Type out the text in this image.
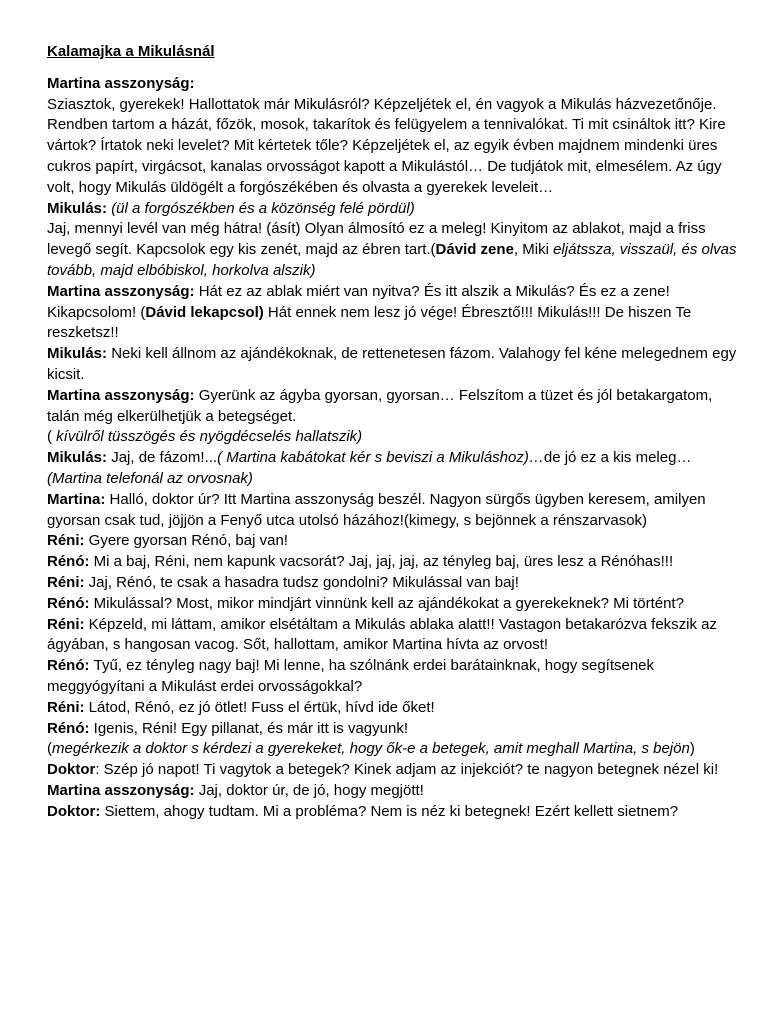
Kalamajka a Mikulásnál

Martina asszonyság:

Sziasztok, gyerekek! Hallottatok már Mikulásról? Képzeljétek el, én vagyok a Mikulás házvezetőnője. Rendben tartom a házát, főzök, mosok, takarítok és felügyelem a tennivalókat. Ti mit csináltok itt? Kire vártok? Írtatok neki levelet? Mit kértetek tőle? Képzeljétek el, az egyik évben majdnem mindenki üres cukros papírt, virgácsot, kanalas orvosságot kapott a Mikulástól… De tudjátok mit, elmesélem. Az úgy volt, hogy Mikulás üldögélt a forgószékében és olvasta a gyerekek leveleit…

Mikulás: (ül a forgószékben és a közönség felé pördül)

Jaj, mennyi levél van még hátra! (ásít) Olyan álmosító ez a meleg! Kinyitom az ablakot, majd a friss levegő segít. Kapcsolok egy kis zenét, majd az ébren tart.(Dávid zene, Miki eljátssza, visszaül, és olvas tovább, majd elbóbiskol, horkolva alszik)

Martina asszonyság: Hát ez az ablak miért van nyitva? És itt alszik a Mikulás? És ez a zene! Kikapcsolom! (Dávid lekapcsol) Hát ennek nem lesz jó vége! Ébresztő!!! Mikulás!!! De hiszen Te reszketsz!!

Mikulás: Neki kell állnom az ajándékoknak, de rettenetesen fázom. Valahogy fel kéne melegednem egy kicsit.

Martina asszonyság: Gyerünk az ágyba gyorsan, gyorsan… Felszítom a tüzet és jól betakargatom, talán még elkerülhetjük a betegséget.

( kívülről tüsszögés és nyögdécselés hallatszik)

Mikulás: Jaj, de fázom!...( Martina kabátokat kér s beviszi a Mikuláshoz)…de jó ez a kis meleg…

(Martina telefonál az orvosnak)

Martina: Halló, doktor úr? Itt Martina asszonyság beszél. Nagyon sürgős ügyben keresem, amilyen gyorsan csak tud, jöjjön a Fenyő utca utolsó házához!(kimegy, s bejönnek a rénszarvasok)

Réni: Gyere gyorsan Rénó, baj van!

Rénó: Mi a baj, Réni, nem kapunk vacsorát? Jaj, jaj, jaj, az tényleg baj, üres lesz a Rénóhas!!!

Réni: Jaj, Rénó, te csak a hasadra tudsz gondolni? Mikulással van baj!

Rénó: Mikulással? Most, mikor mindjárt vinnünk kell az ajándékokat a gyerekeknek? Mi történt?

Réni: Képzeld, mi láttam, amikor elsétáltam a Mikulás ablaka alatt!! Vastagon betakarózva fekszik az ágyában, s hangosan vacog. Sőt, hallottam, amikor Martina hívta az orvost!

Rénó: Tyű, ez tényleg nagy baj! Mi lenne, ha szólnánk erdei barátainknak, hogy segítsenek meggyógyítani a Mikulást erdei orvosságokkal?

Réni: Látod, Rénó, ez jó ötlet! Fuss el értük, hívd ide őket!

Rénó: Igenis, Réni! Egy pillanat, és már itt is vagyunk!

(megérkezik a doktor s kérdezi a gyerekeket, hogy ők-e a betegek, amit meghall Martina, s bejön)

Doktor: Szép jó napot! Ti vagytok a betegek? Kinek adjam az injekciót? te nagyon betegnek nézel ki!

Martina asszonyság: Jaj, doktor úr, de jó, hogy megjött!

Doktor: Siettem, ahogy tudtam. Mi a probléma? Nem is néz ki betegnek! Ezért kellett sietnem?
